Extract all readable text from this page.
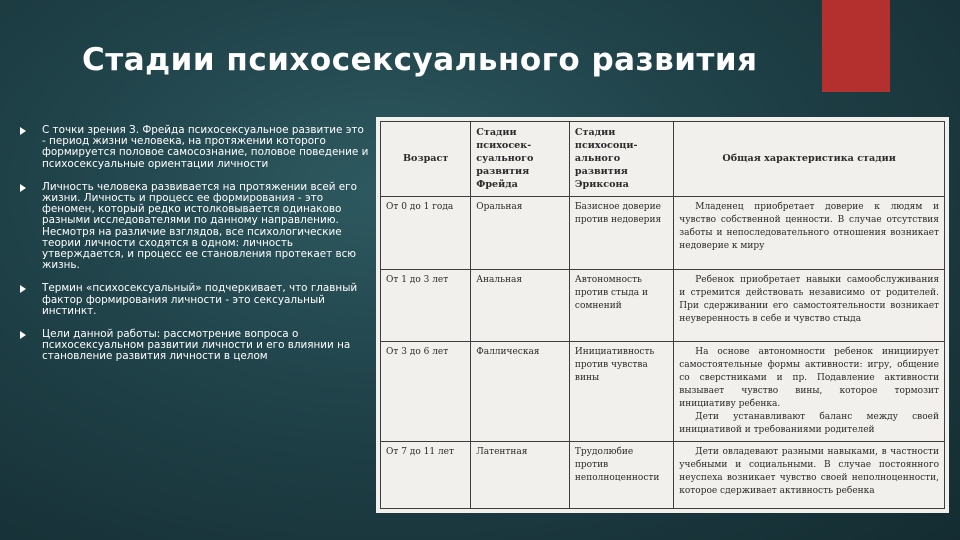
Стадии психосексуального развития
С точки зрения З. Фрейда психосексуальное развитие это - период жизни человека, на протяжении которого формируется половое самосознание, половое поведение и психосексуальные ориентации личности
Личность человека развивается на протяжении всей его жизни. Личность и процесс ее формирования - это феномен, который редко истолковывается одинаково разными исследователями по данному направлению. Несмотря на различие взглядов, все психологические теории личности сходятся в одном: личность утверждается, и процесс ее становления протекает всю жизнь.
Термин «психосексуальный» подчеркивает, что главный фактор формирования личности - это сексуальный инстинкт.
Цели данной работы: рассмотрение вопроса о психосексуальном развитии личности и его влиянии на становление развития личности в целом
Возраст	Стадии психосек-суального развития Фрейда	Стадии психосоци-ального развития Эриксона	Общая характеристика стадии
От 0 до 1 года	Оральная	Базисное доверие против недоверия	Младенец приобретает доверие к людям и чувство собственной ценности. В случае отсутствия заботы и непоследовательного отношения возникает недоверие к миру

От 1 до 3 лет	Анальная	Автономность против стыда и сомнений	Ребенок приобретает навыки самообслуживания и стремится действовать независимо от родителей. При сдерживании его самостоятельности возникает неуверенность в себе и чувство стыда

От 3 до 6 лет	Фаллическая	Инициативность против чувства вины	На основе автономности ребенок инициирует самостоятельные формы активности: игру, общение со сверстниками и пр. Подавление активности вызывает чувство вины, которое тормозит инициативу ребенка.
Дети устанавливают баланс между своей инициативой и требованиями родителей

От 7 до 11 лет	Латентная	Трудолюбие против неполноценности	Дети овладевают разными навыками, в частности учебными и социальными. В случае постоянного неуспеха возникает чувство своей неполноценности, которое сдерживает активность ребенка
